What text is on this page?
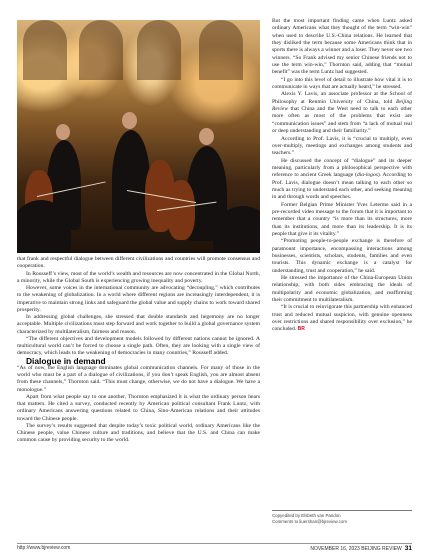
that frank and respectful dialogue between different civilizations and countries will promote consensus and cooperation.

In Rousseff’s view, most of the world’s wealth and resources are now concentrated in the Global North, a minority, while the Global South is experiencing growing inequality and poverty.

However, some voices in the international community are advocating “decoupling,” which contributes to the weakening of globalization. In a world where different regions are increasingly interdependent, it is imperative to maintain strong links and safeguard the global value and supply chains to work toward shared prosperity.

In addressing global challenges, she stressed that double standards and hegemony are no longer acceptable. Multiple civilizations must step forward and work together to build a global governance system characterized by multilateralism, fairness and reason.

“The different objectives and development models followed by different nations cannot be ignored. A multicultural world can’t be forced to choose a single path. Often, they are looking with a single view of democracy, which leads to the weakening of democracies in many countries,” Rousseff added.

Dialogue in demand

“As of now, the English language dominates global communication channels. For many of those in the world who must be a part of a dialogue of civilizations, if you don’t speak English, you are almost absent from these channels,” Thornton said. “This must change, otherwise, we do not have a dialogue. We have a monologue.”

Apart from what people say to one another, Thornton emphasized it is what the ordinary person hears that matters. He cited a survey, conducted recently by American political consultant Frank Luntz, with ordinary Americans answering questions related to China, Sino-American relations and their attitudes toward the Chinese people.

The survey’s results suggested that despite today’s toxic political world, ordinary Americans like the Chinese people, value Chinese culture and traditions, and believe that the U.S. and China can make common cause by providing security to the world.

But the most important finding came when Luntz asked ordinary Americans what they thought of the term “win-win” when used to describe U.S.-China relations. He learned that they disliked the term because some Americans think that in sports there is always a winner and a loser. They never see two winners. “So Frank advised my senior Chinese friends not to use the term win-win,” Thornton said, adding that “mutual benefit” was the term Luntz had suggested.

“I go into this level of detail to illustrate how vital it is to communicate in ways that are actually heard,” he stressed.

Alexis Y. Lavis, an associate professor at the School of Philosophy at Renmin University of China, told Beijing Review that China and the West need to talk to each other more often as most of the problems that exist are “communication issues” and stem from “a lack of mutual real or deep understanding and their familiarity.”

According to Prof. Lavis, it is “crucial to multiply, even over-multiply, meetings and exchanges among students and teachers.”

He discussed the concept of “dialogue” and its deeper meaning, particularly from a philosophical perspective with reference to ancient Greek language (dia-logos). According to Prof. Lavis, dialogue doesn’t mean talking to each other so much as trying to understand each other, and seeking meaning in and through words and speeches.

Former Belgian Prime Minister Yves Leterme said in a pre-recorded video message to the forum that it is important to remember that a country “is more than its structures, more than its institutions, and more than its leadership. It is its people that give it its vitality.”

“Promoting people-to-people exchange is therefore of paramount importance, encompassing interactions among businesses, scientists, scholars, students, families and even tourists. This dynamic exchange is a catalyst for understanding, trust and cooperation,” he said.

He stressed the importance of the China-European Union relationship, with both sides embracing the ideals of multipolarity and economic globalization, and reaffirming their commitment to multilateralism.

“It is crucial to reinvigorate this partnership with enhanced trust and reduced mutual suspicion, with genuine openness over restrictions and shared responsibility over exclusion,” he concluded. BR

Copyedited by Elsbeth van Paridon
Comments to liuershan@bjreview.com
http://www.bjreview.com	NOVEMBER 16, 2023 BEIJING REVIEW 31
